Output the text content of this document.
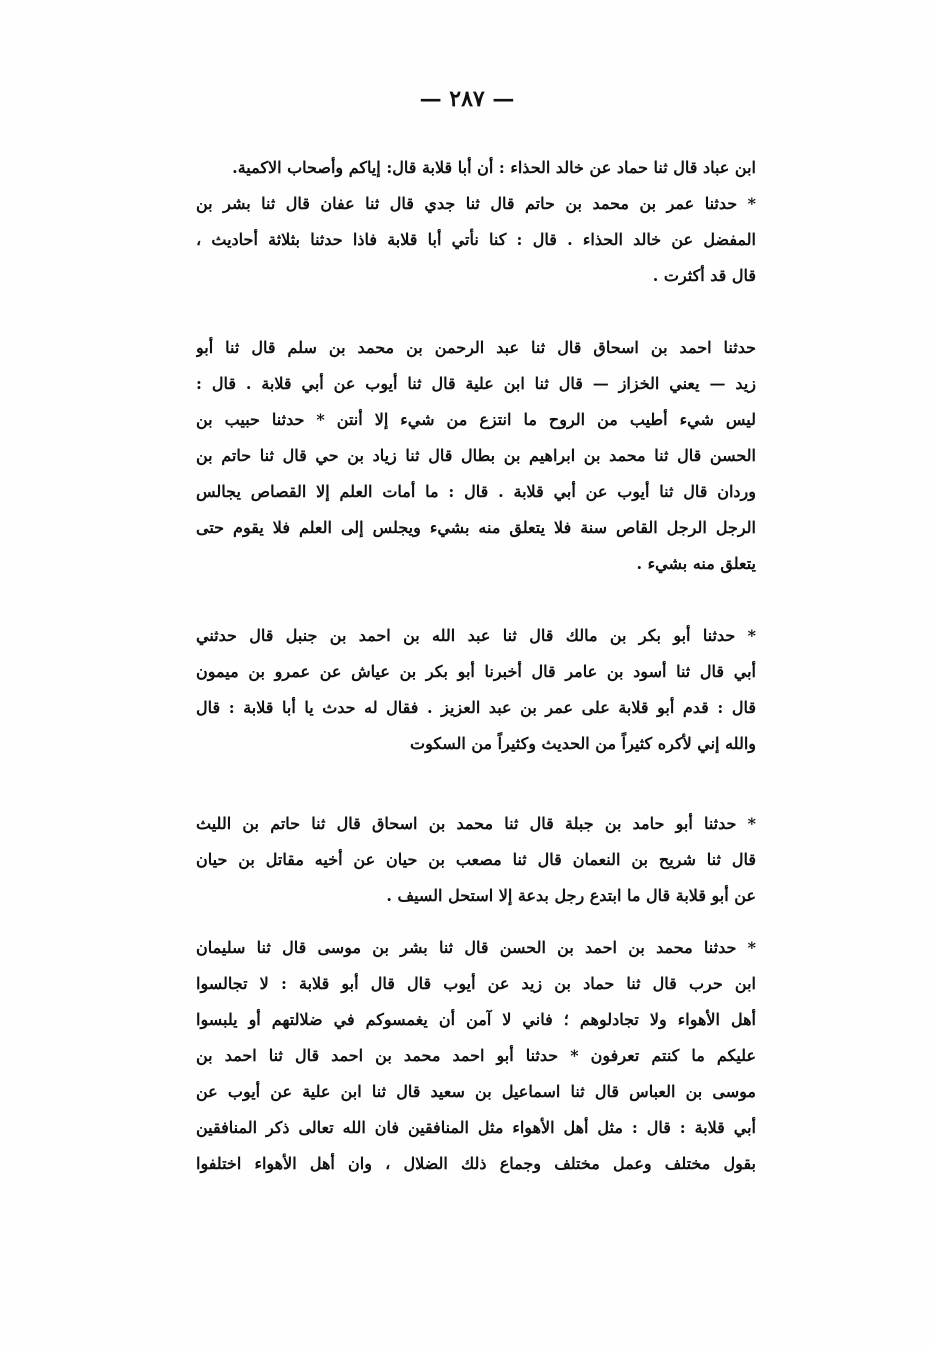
— ٢٨٧ —
ابن عباد قال ثنا حماد عن خالد الحذاء : أن أبا قلابة قال: إياكم وأصحاب الاكمية.
* حدثنا عمر بن محمد بن حاتم قال ثنا جدي قال ثنا عفان قال ثنا بشر بن
المفضل عن خالد الحذاء . قال : كنا نأتي أبا قلابة فاذا حدثنا بثلاثة أحاديث ،
قال قد أكثرت .
حدثنا احمد بن اسحاق قال ثنا عبد الرحمن بن محمد بن سلم قال ثنا أبو
زيد — يعني الخزاز — قال ثنا ابن علية قال ثنا أيوب عن أبي قلابة . قال :
ليس شيء أطيب من الروح ما انتزع من شيء إلا أنتن * حدثنا حبيب بن
الحسن قال ثنا محمد بن ابراهيم بن بطال قال ثنا زياد بن حي قال ثنا حاتم بن
وردان قال ثنا أيوب عن أبي قلابة . قال : ما أمات العلم إلا القصاص يجالس
الرجل الرجل القاص سنة فلا يتعلق منه بشيء ويجلس إلى العلم فلا يقوم حتى
يتعلق منه بشيء .
* حدثنا أبو بكر بن مالك قال ثنا عبد الله بن احمد بن جنبل قال حدثني
أبي قال ثنا أسود بن عامر قال أخبرنا أبو بكر بن عياش عن عمرو بن ميمون
قال : قدم أبو قلابة على عمر بن عبد العزيز . فقال له حدث يا أبا قلابة : قال
والله إني لأكره كثيراً من الحديث وكثيراً من السكوت
* حدثنا أبو حامد بن جبلة قال ثنا محمد بن اسحاق قال ثنا حاتم بن الليث
قال ثنا شريح بن النعمان قال ثنا مصعب بن حيان عن أخيه مقاتل بن حيان
عن أبو قلابة قال ما ابتدع رجل بدعة إلا استحل السيف .
* حدثنا محمد بن احمد بن الحسن قال ثنا بشر بن موسى قال ثنا سليمان
ابن حرب قال ثنا حماد بن زيد عن أيوب قال قال أبو قلابة : لا تجالسوا
أهل الأهواء ولا تجادلوهم ؛ فاني لا آمن أن يغمسوكم في ضلالتهم أو يلبسوا
عليكم ما كنتم تعرفون * حدثنا أبو احمد محمد بن احمد قال ثنا احمد بن
موسى بن العباس قال ثنا اسماعيل بن سعيد قال ثنا ابن علية عن أيوب عن
أبي قلابة : قال : مثل أهل الأهواء مثل المنافقين فان الله تعالى ذكر المنافقين
بقول مختلف وعمل مختلف وجماع ذلك الضلال ، وان أهل الأهواء اختلفوا
